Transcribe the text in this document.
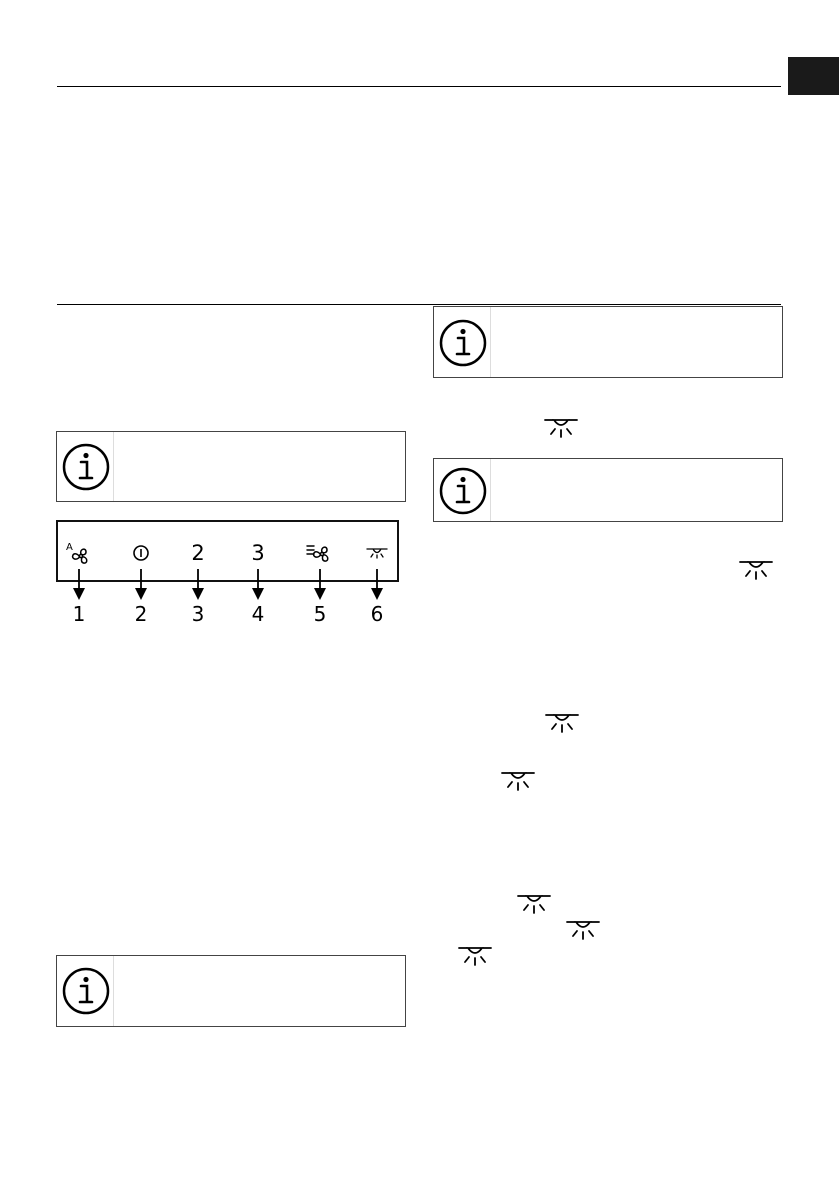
A	2 3
1 2 3 4 5 6
